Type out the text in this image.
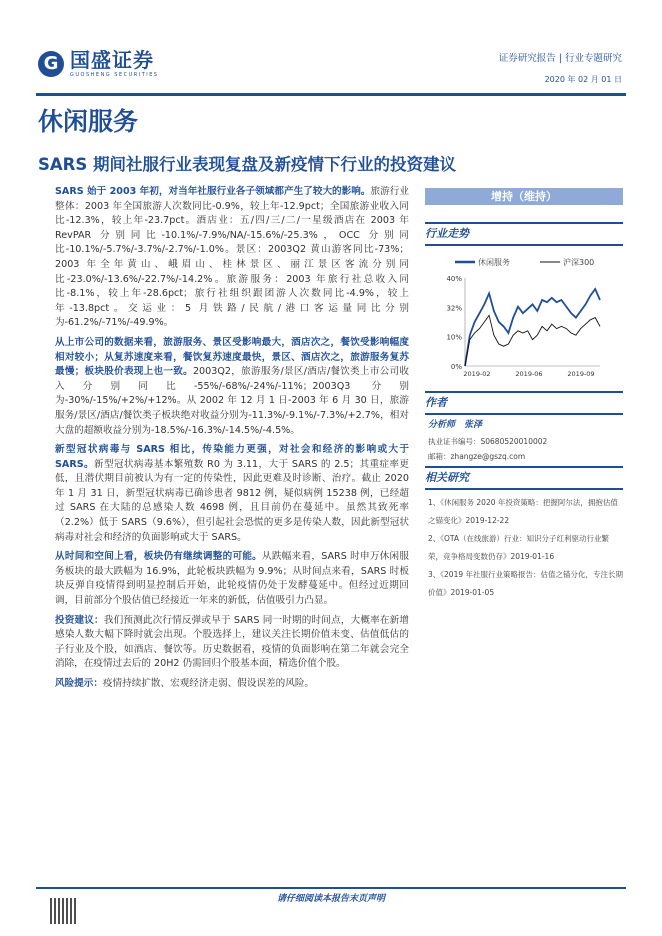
G 国盛证券
GUOSHENG SECURITIES
证券研究报告 | 行业专题研究
2020 年 02 月 01 日
休闲服务
SARS 期间社服行业表现复盘及新疫情下行业的投资建议

SARS 始于 2003 年初，对当年社服行业各子领域都产生了较大的影响。旅游行业整体：2003 年全国旅游人次数同比-0.9%，较上年-12.9pct；全国旅游业收入同比-12.3%，较上年-23.7pct。酒店业：五/四/三/二/一星级酒店在 2003 年 RevPAR 分别同比-10.1%/-7.9%/NA/-15.6%/-25.3%，OCC 分别同比-10.1%/-5.7%/-3.7%/-2.7%/-1.0%。景区：2003Q2 黄山游客同比-73%；2003 年全年黄山、峨眉山、桂林景区、丽江景区客流分别同比-23.0%/-13.6%/-22.7%/-14.2%。旅游服务：2003 年旅行社总收入同比-8.1%，较上年-28.6pct；旅行社组织跟团游人次数同比-4.9%，较上年-13.8pct。交运业：5 月铁路/民航/港口客运量同比分别为-61.2%/-71%/-49.9%。

从上市公司的数据来看，旅游服务、景区受影响最大，酒店次之，餐饮受影响幅度相对较小；从复苏速度来看，餐饮复苏速度最快，景区、酒店次之，旅游服务复苏最慢；板块股价表现上也一致。2003Q2，旅游服务/景区/酒店/餐饮类上市公司收入分别同比-55%/-68%/-24%/-11%；2003Q3 分别为-30%/-15%/+2%/+12%。从 2002 年 12 月 1 日-2003 年 6 月 30 日，旅游服务/景区/酒店/餐饮类子板块绝对收益分别为-11.3%/-9.1%/-7.3%/+2.7%，相对大盘的超额收益分别为-18.5%/-16.3%/-14.5%/-4.5%。

新型冠状病毒与 SARS 相比，传染能力更强，对社会和经济的影响或大于 SARS。新型冠状病毒基本繁殖数 R0 为 3.11，大于 SARS 的 2.5；其重症率更低，且潜伏期目前被认为有一定的传染性，因此更难及时诊断、治疗。截止 2020 年 1 月 31 日，新型冠状病毒已确诊患者 9812 例，疑似病例 15238 例，已经超过 SARS 在大陆的总感染人数 4698 例，且目前仍在蔓延中。虽然其致死率（2.2%）低于 SARS（9.6%），但引起社会恐慌的更多是传染人数，因此新型冠状病毒对社会和经济的负面影响或大于 SARS。

从时间和空间上看，板块仍有继续调整的可能。从跌幅来看，SARS 时申万休闲服务板块的最大跌幅为 16.9%，此轮板块跌幅为 9.9%；从时间点来看，SARS 时板块反弹自疫情得到明显控制后开始，此轮疫情仍处于发酵蔓延中。但经过近期回调，目前部分个股估值已经接近一年来的新低，估值吸引力凸显。

投资建议：我们预测此次行情反弹或早于 SARS 同一时期的时间点，大概率在新增感染人数大幅下降时就会出现。个股选择上，建议关注长期价值未变、估值低估的子行业及个股，如酒店、餐饮等。历史数据看，疫情的负面影响在第二年就会完全消除，在疫情过去后的 20H2 仍需回归个股基本面，精选价值个股。

风险提示：疫情持续扩散、宏观经济走弱、假设误差的风险。

增持（维持）
行业走势
休闲服务	沪深300
0%
10%
32%
40%
2019-02	2019-06	2019-09
作者
分析师　张泽
执业证书编号：S0680520010002
邮箱：zhangze@gszq.com
相关研究
1、《休闲服务 2020 年投资策略：把握阿尔法，拥抱估值之锚变化》2019-12-22
2、《OTA（在线旅游）行业：知识分子红利驱动行业繁荣，竞争格局变数仍存》2019-01-16
3、《2019 年社服行业策略报告：估值之锚分化，专注长期价值》2019-01-05
请仔细阅读本报告末页声明
